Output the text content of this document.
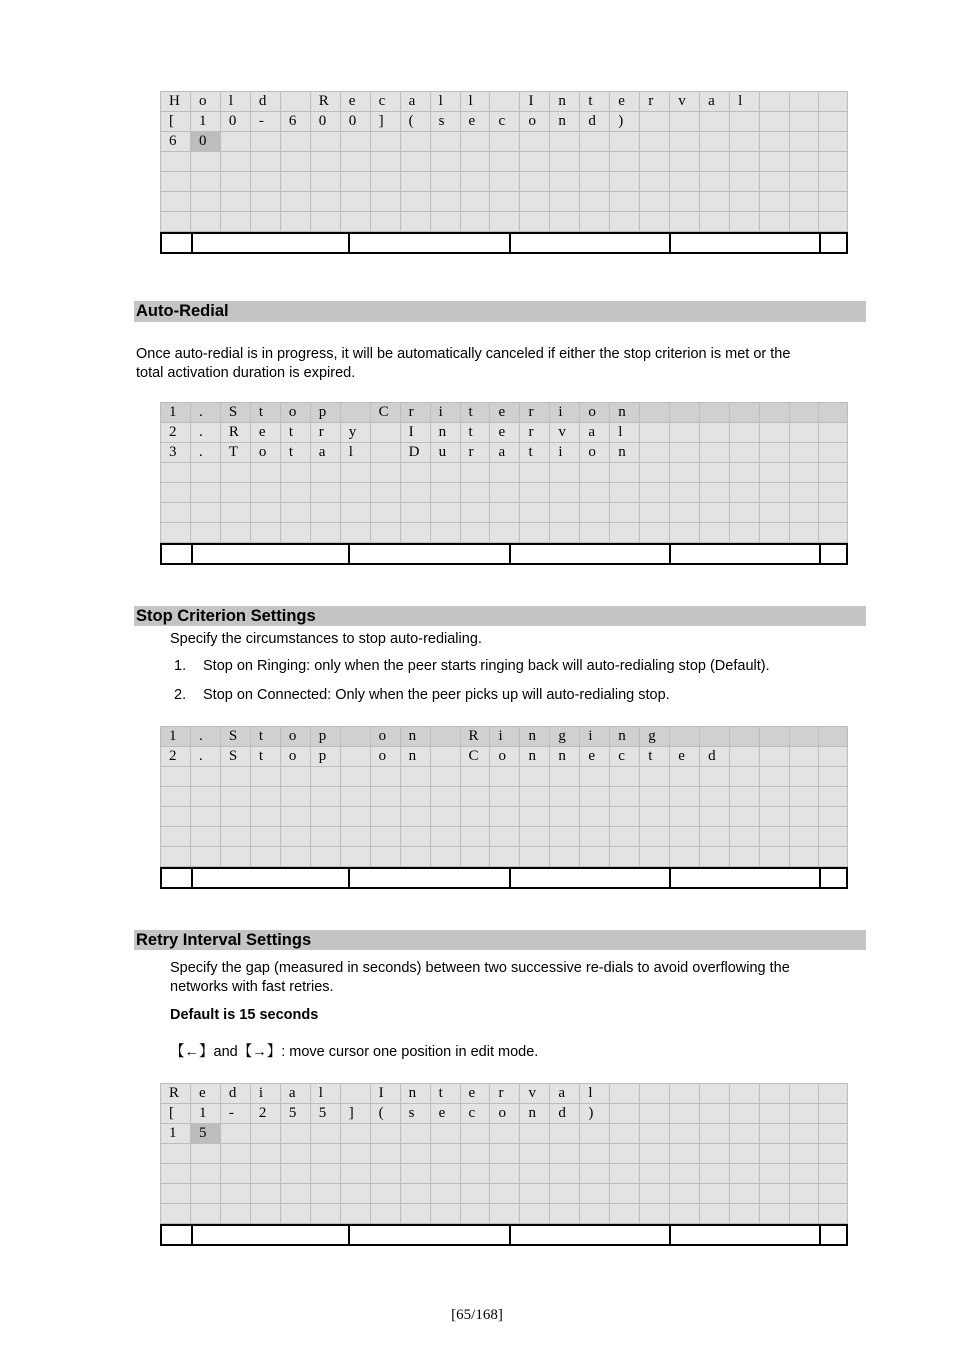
H	o	l	d	R	e	c	a	l	l	I	n	t	e	r	v	a	l
[	1	0	-	6	0	0	]	(	s	e	c	o	n	d	)
6	0
Auto-Redial
Once auto-redial is in progress, it will be automatically canceled if either the stop criterion is met or the
total activation duration is expired.
1	.	S	t	o	p	C	r	i	t	e	r	i	o	n
2	.	R	e	t	r	y	I	n	t	e	r	v	a	l
3	.	T	o	t	a	l	D	u	r	a	t	i	o	n
Stop Criterion Settings
Specify the circumstances to stop auto-redialing.
1. Stop on Ringing: only when the peer starts ringing back will auto-redialing stop (Default).
2. Stop on Connected: Only when the peer picks up will auto-redialing stop.
1	.	S	t	o	p	o	n	R	i	n	g	i	n	g
2	.	S	t	o	p	o	n	C	o	n	n	e	c	t	e	d
Retry Interval Settings
Specify the gap (measured in seconds) between two successive re-dials to avoid overflowing the
networks with fast retries.
Default is 15 seconds
【←】and【→】: move cursor one position in edit mode.
R	e	d	i	a	l	I	n	t	e	r	v	a	l
[	1	-	2	5	5	]	(	s	e	c	o	n	d	)
1	5
[65/168]
